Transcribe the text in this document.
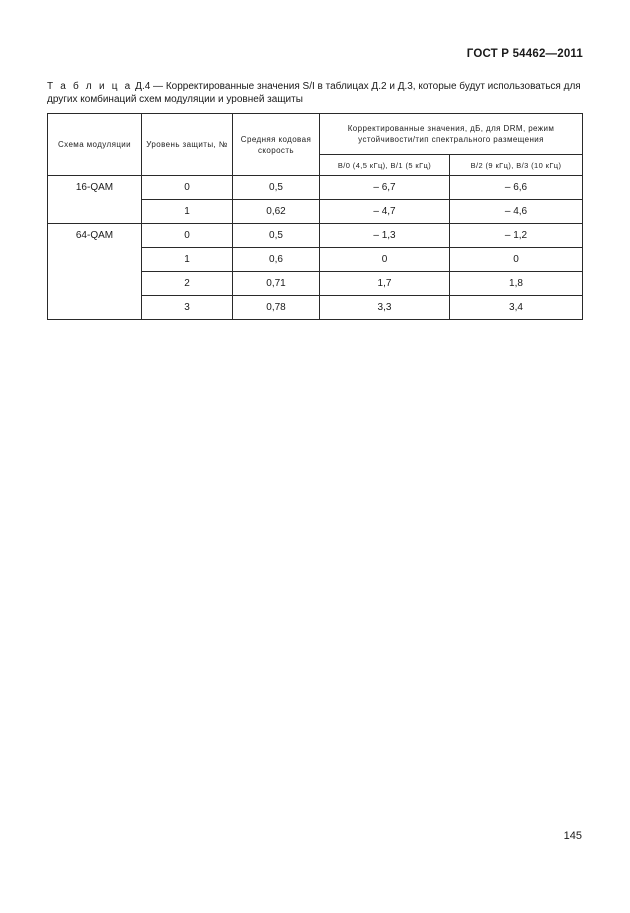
ГОСТ Р 54462—2011
Т а б л и ц а Д.4 — Корректированные значения S/I в таблицах Д.2 и Д.3, которые будут использоваться для
других комбинаций схем модуляции и уровней защиты
Схема модуляции	Уровень защиты, №	Средняя кодовая скорость	Корректированные значения, дБ, для DRM, режим устойчивости/тип спектрального размещения	
			В/0 (4,5 кГц), В/1 (5 кГц)	В/2 (9 кГц), В/3 (10 кГц)
16-QAM	0	0,5	– 6,7	– 6,6
	1	0,62	– 4,7	– 4,6
64-QAM	0	0,5	– 1,3	– 1,2
	1	0,6	0	0
	2	0,71	1,7	1,8
	3	0,78	3,3	3,4
145
